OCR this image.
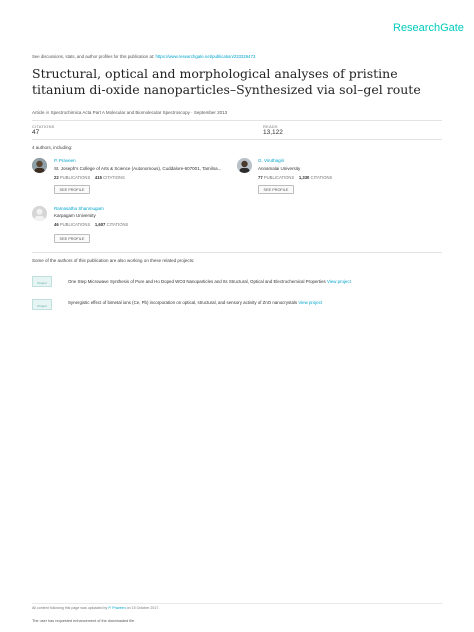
ResearchGate
See discussions, stats, and author profiles for this publication at: https://www.researchgate.net/publication/233326473
Structural, optical and morphological analyses of pristine titanium di-oxide nanoparticles–Synthesized via sol–gel route
Article in Spectrochimica Acta Part A Molecular and Biomolecular Spectroscopy · September 2013
CITATIONS
47
READS
13,122
4 authors, including:
P. Praveen
St. Joseph's College of Arts & Science (Autonomous), Cuddalore-607001, Tamilna...
22 PUBLICATIONS 415 CITATIONS
SEE PROFILE
G. Viruthagiri
Annamalai University
77 PUBLICATIONS 1,330 CITATIONS
SEE PROFILE
Ramasatha Shanmugam
Karpagam University
46 PUBLICATIONS 1,607 CITATIONS
SEE PROFILE
Some of the authors of this publication are also working on these related projects:
Project	One Step Microwave Synthesis of Pure and Ho Doped WO3 Nanoparticles and Its Structural, Optical and Electrochemical Properties View project
Project
Synergistic effect of bimetal ions (Ce, Pb) incorporation on optical, structural, and sensory activity of ZnO nanocrystals View project
All content following this page was uploaded by P. Praveen on 15 October 2017.
The user has requested enhancement of the downloaded file.
